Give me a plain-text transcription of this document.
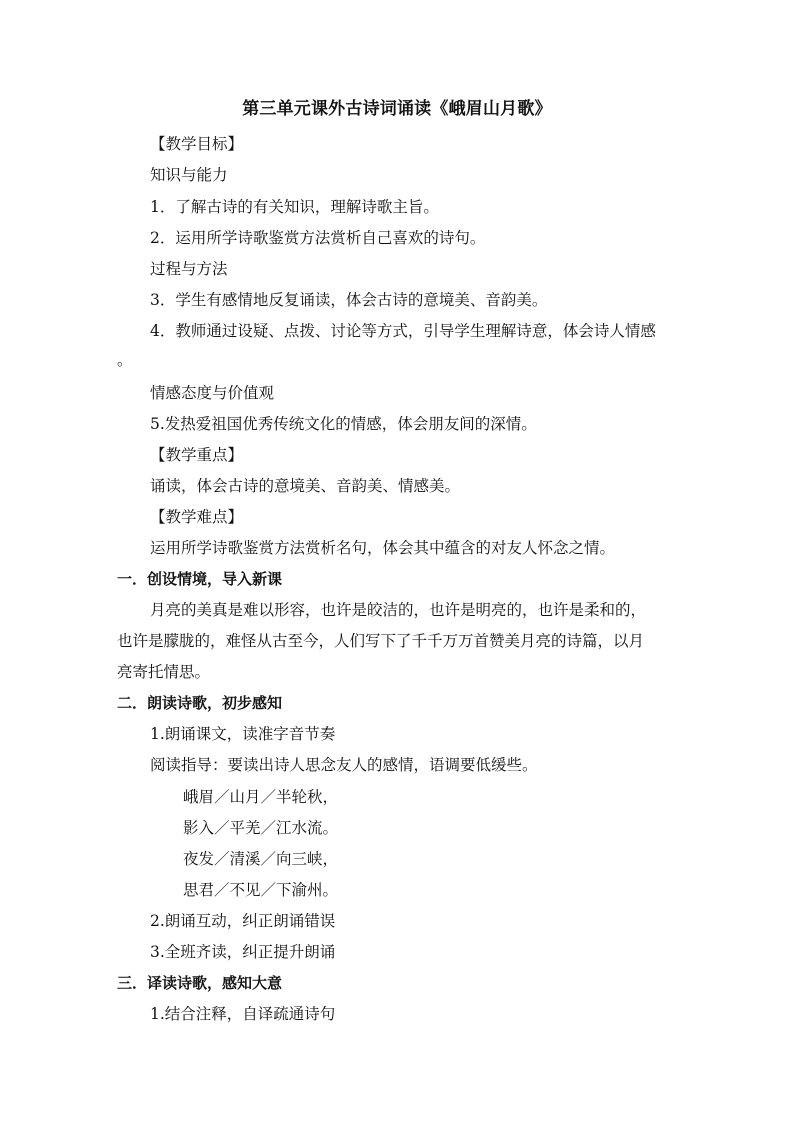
第三单元课外古诗词诵读《峨眉山月歌》
【教学目标】
知识与能力
1．了解古诗的有关知识，理解诗歌主旨。
2．运用所学诗歌鉴赏方法赏析自己喜欢的诗句。
过程与方法
3．学生有感情地反复诵读，体会古诗的意境美、音韵美。
4．教师通过设疑、点拨、讨论等方式，引导学生理解诗意，体会诗人情感
。
情感态度与价值观
5.发热爱祖国优秀传统文化的情感，体会朋友间的深情。
【教学重点】
诵读，体会古诗的意境美、音韵美、情感美。
【教学难点】
运用所学诗歌鉴赏方法赏析名句，体会其中蕴含的对友人怀念之情。
一．创设情境，导入新课
月亮的美真是难以形容，也许是皎洁的，也许是明亮的，也许是柔和的，
也许是朦胧的，难怪从古至今，人们写下了千千万万首赞美月亮的诗篇，以月
亮寄托情思。
二．朗读诗歌，初步感知
1.朗诵课文，读准字音节奏
阅读指导：要读出诗人思念友人的感情，语调要低缓些。
峨眉／山月／半轮秋，
影入／平羌／江水流。
夜发／清溪／向三峡，
思君／不见／下渝州。
2.朗诵互动，纠正朗诵错误
3.全班齐读，纠正提升朗诵
三．译读诗歌，感知大意
1.结合注释，自译疏通诗句
